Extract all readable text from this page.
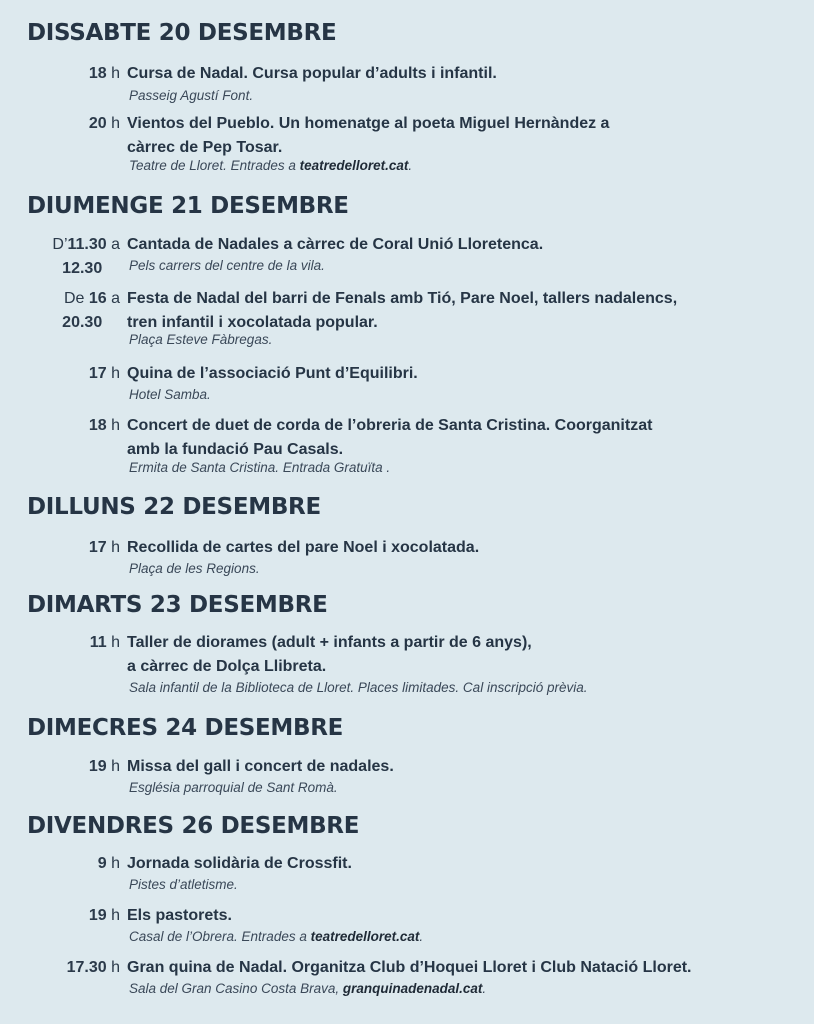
DISSABTE 20 DESEMBRE
18 h Cursa de Nadal. Cursa popular d’adults i infantil.
Passeig Agustí Font.
20 h Vientos del Pueblo. Un homenatge al poeta Miguel Hernàndez a
càrrec de Pep Tosar.
Teatre de Lloret. Entrades a teatredelloret.cat.
DIUMENGE 21 DESEMBRE
D’11.30 a
12.30
Cantada de Nadales a càrrec de Coral Unió Lloretenca.
Pels carrers del centre de la vila.
De 16 a
20.30
Festa de Nadal del barri de Fenals amb Tió, Pare Noel, tallers nadalencs,
tren infantil i xocolatada popular.
Plaça Esteve Fàbregas.
17 h Quina de l’associació Punt d’Equilibri.
Hotel Samba.
18 h Concert de duet de corda de l’obreria de Santa Cristina. Coorganitzat
amb la fundació Pau Casals.
Ermita de Santa Cristina. Entrada Gratuïta .
DILLUNS 22 DESEMBRE
17 h Recollida de cartes del pare Noel i xocolatada.
Plaça de les Regions.
DIMARTS 23 DESEMBRE
11 h Taller de diorames (adult + infants a partir de 6 anys),
a càrrec de Dolça Llibreta.
Sala infantil de la Biblioteca de Lloret. Places limitades. Cal inscripció prèvia.
DIMECRES 24 DESEMBRE
19 h Missa del gall i concert de nadales.
Església parroquial de Sant Romà.
DIVENDRES 26 DESEMBRE
9 h Jornada solidària de Crossfit.
Pistes d’atletisme.
19 h Els pastorets.
Casal de l’Obrera. Entrades a teatredelloret.cat.
17.30 h Gran quina de Nadal. Organitza Club d’Hoquei Lloret i Club Natació Lloret.
Sala del Gran Casino Costa Brava, granquinadenadal.cat.
